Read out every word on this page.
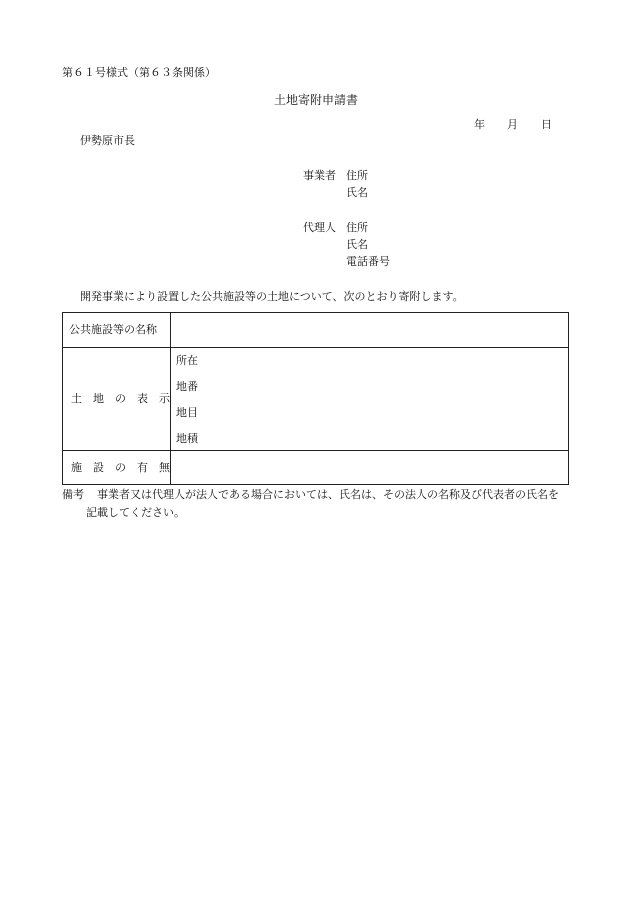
第６１号様式（第６３条関係）
土地寄附申請書
年 月 日
伊勢原市長
事業者 住所
氏名
代理人 住所
氏名
電話番号
開発事業により設置した公共施設等の土地について、次のとおり寄附します。
公共施設等の名称
土　地　の　表　示
所在
地番
地目
地積
施　設　の　有　無
備考 事業者又は代理人が法人である場合においては、氏名は、その法人の名称及び代表者の氏名を
記載してください。
